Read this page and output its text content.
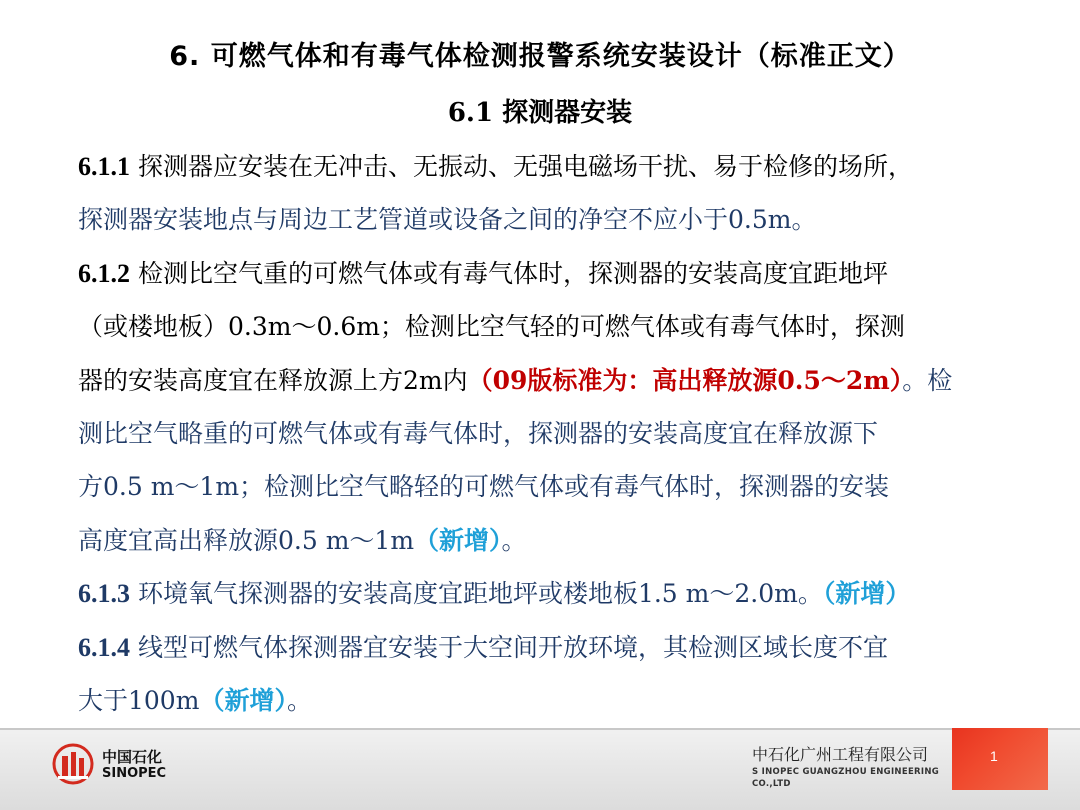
6. 可燃气体和有毒气体检测报警系统安装设计（标准正文）
6.1 探测器安装
6.1.1 探测器应安装在无冲击、无振动、无强电磁场干扰、易于检修的场所，
探测器安装地点与周边工艺管道或设备之间的净空不应小于0.5m。
6.1.2 检测比空气重的可燃气体或有毒气体时，探测器的安装高度宜距地坪
（或楼地板）0.3m～0.6m；检测比空气轻的可燃气体或有毒气体时，探测
器的安装高度宜在释放源上方2m内（09版标准为：高出释放源0.5～2m）。检
测比空气略重的可燃气体或有毒气体时，探测器的安装高度宜在释放源下
方0.5 m～1m；检测比空气略轻的可燃气体或有毒气体时，探测器的安装
高度宜高出释放源0.5 m～1m（新增）。
6.1.3 环境氧气探测器的安装高度宜距地坪或楼地板1.5 m～2.0m。（新增）
6.1.4 线型可燃气体探测器宜安装于大空间开放环境，其检测区域长度不宜
大于100m（新增）。
中国石化
SINOPEC
中石化广州工程有限公司
S INOPEC GUANGZHOU ENGINEERING CO.,LTD
1
